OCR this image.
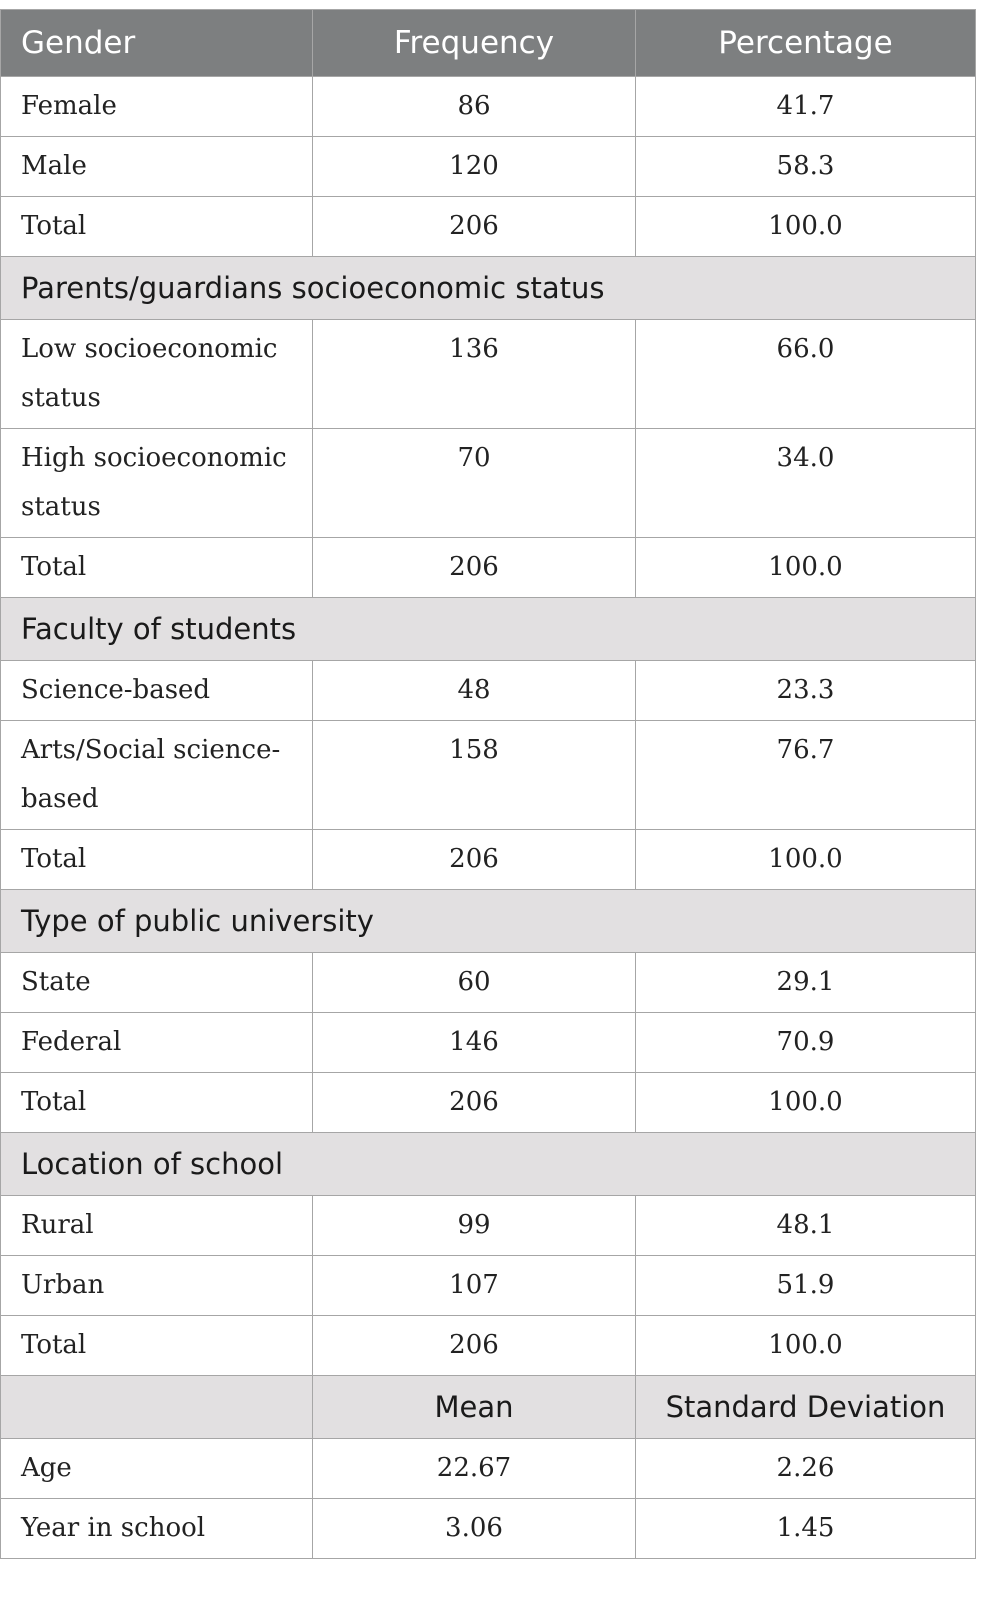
Gender	Frequency	Percentage
Female	86	41.7
Male	120	58.3
Total	206	100.0
Parents/guardians socioeconomic status		
Low socioeconomic status	136	66.0
High socioeconomic status	70	34.0
Total	206	100.0
Faculty of students		
Science-based	48	23.3
Arts/Social science-based	158	76.7
Total	206	100.0
Type of public university		
State	60	29.1
Federal	146	70.9
Total	206	100.0
Location of school		
Rural	99	48.1
Urban	107	51.9
Total	206	100.0
	Mean	Standard Deviation
Age	22.67	2.26
Year in school	3.06	1.45
